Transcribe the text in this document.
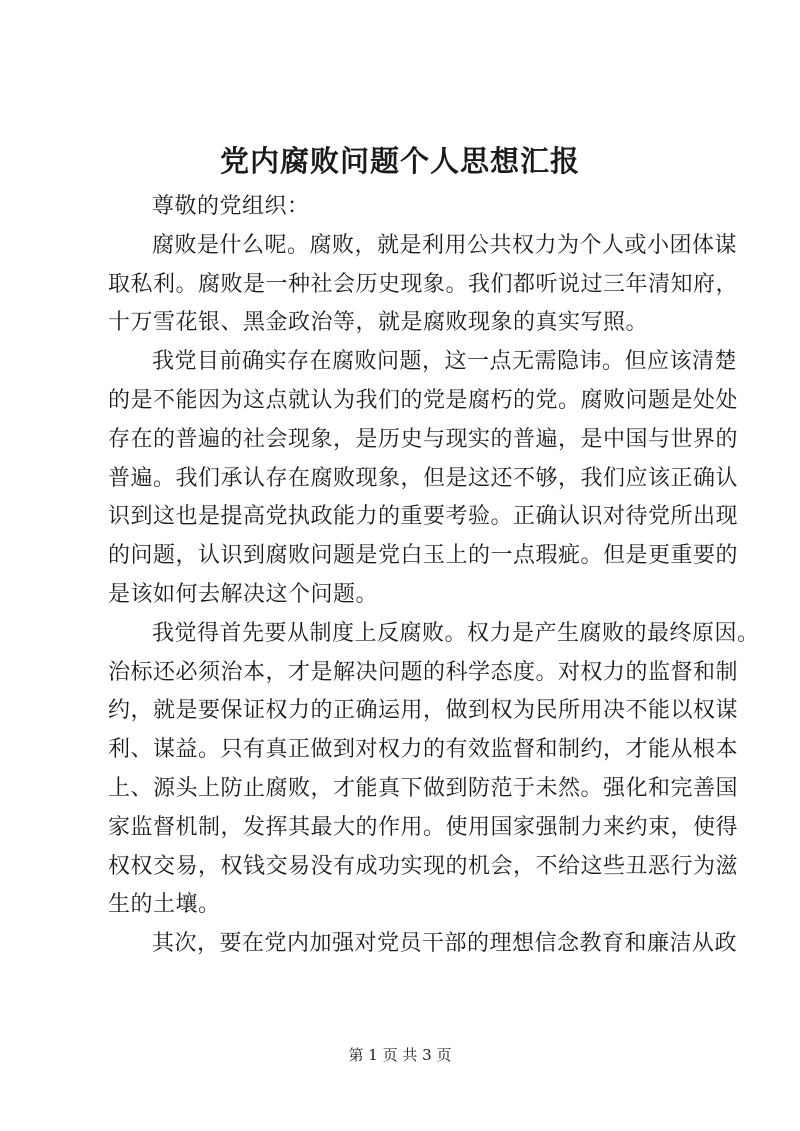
党内腐败问题个人思想汇报
尊敬的党组织：
腐败是什么呢。腐败，就是利用公共权力为个人或小团体谋
取私利。腐败是一种社会历史现象。我们都听说过三年清知府，
十万雪花银、黑金政治等，就是腐败现象的真实写照。
我党目前确实存在腐败问题，这一点无需隐讳。但应该清楚
的是不能因为这点就认为我们的党是腐朽的党。腐败问题是处处
存在的普遍的社会现象，是历史与现实的普遍，是中国与世界的
普遍。我们承认存在腐败现象，但是这还不够，我们应该正确认
识到这也是提高党执政能力的重要考验。正确认识对待党所出现
的问题，认识到腐败问题是党白玉上的一点瑕疵。但是更重要的
是该如何去解决这个问题。
我觉得首先要从制度上反腐败。权力是产生腐败的最终原因。
治标还必须治本，才是解决问题的科学态度。对权力的监督和制
约，就是要保证权力的正确运用，做到权为民所用决不能以权谋
利、谋益。只有真正做到对权力的有效监督和制约，才能从根本
上、源头上防止腐败，才能真下做到防范于未然。强化和完善国
家监督机制，发挥其最大的作用。使用国家强制力来约束，使得
权权交易，权钱交易没有成功实现的机会，不给这些丑恶行为滋
生的土壤。
其次，要在党内加强对党员干部的理想信念教育和廉洁从政
第 1 页 共 3 页
